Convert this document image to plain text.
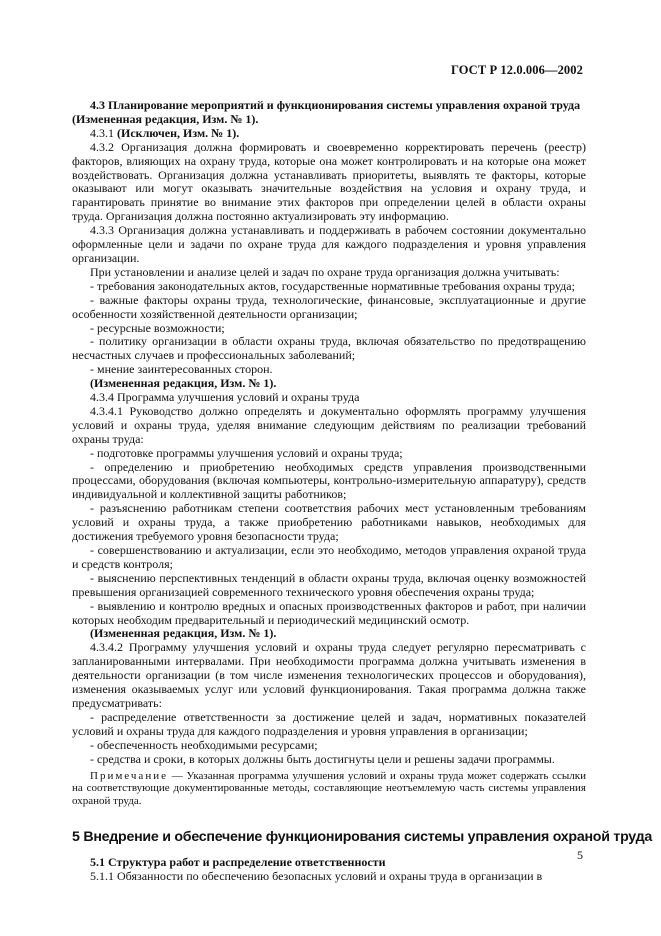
ГОСТ Р 12.0.006—2002

4.3 Планирование мероприятий и функционирования системы управления охраной труда

(Измененная редакция, Изм. № 1).

4.3.1 (Исключен, Изм. № 1).

4.3.2 Организация должна формировать и своевременно корректировать перечень (реестр) факторов, влияющих на охрану труда, которые она может контролировать и на которые она может воздействовать. Организация должна устанавливать приоритеты, выявлять те факторы, которые оказывают или могут оказывать значительные воздействия на условия и охрану труда, и гарантировать принятие во внимание этих факторов при определении целей в области охраны труда. Организация должна постоянно актуализировать эту информацию.

4.3.3 Организация должна устанавливать и поддерживать в рабочем состоянии документально оформленные цели и задачи по охране труда для каждого подразделения и уровня управления организации.

При установлении и анализе целей и задач по охране труда организация должна учитывать:

- требования законодательных актов, государственные нормативные требования охраны труда;

- важные факторы охраны труда, технологические, финансовые, эксплуатационные и другие особенности хозяйственной деятельности организации;

- ресурсные возможности;

- политику организации в области охраны труда, включая обязательство по предотвращению несчастных случаев и профессиональных заболеваний;

- мнение заинтересованных сторон.

(Измененная редакция, Изм. № 1).

4.3.4 Программа улучшения условий и охраны труда

4.3.4.1 Руководство должно определять и документально оформлять программу улучшения условий и охраны труда, уделяя внимание следующим действиям по реализации требований охраны труда:

- подготовке программы улучшения условий и охраны труда;

- определению и приобретению необходимых средств управления производственными процессами, оборудования (включая компьютеры, контрольно-измерительную аппаратуру), средств индивидуальной и коллективной защиты работников;

- разъяснению работникам степени соответствия рабочих мест установленным требованиям условий и охраны труда, а также приобретению работниками навыков, необходимых для достижения требуемого уровня безопасности труда;

- совершенствованию и актуализации, если это необходимо, методов управления охраной труда и средств контроля;

- выяснению перспективных тенденций в области охраны труда, включая оценку возможностей превышения организацией современного технического уровня обеспечения охраны труда;

- выявлению и контролю вредных и опасных производственных факторов и работ, при наличии которых необходим предварительный и периодический медицинский осмотр.

(Измененная редакция, Изм. № 1).

4.3.4.2 Программу улучшения условий и охраны труда следует регулярно пересматривать с запланированными интервалами. При необходимости программа должна учитывать изменения в деятельности организации (в том числе изменения технологических процессов и оборудования), изменения оказываемых услуг или условий функционирования. Такая программа должна также предусматривать:

- распределение ответственности за достижение целей и задач, нормативных показателей условий и охраны труда для каждого подразделения и уровня управления в организации;

- обеспеченность необходимыми ресурсами;

- средства и сроки, в которых должны быть достигнуты цели и решены задачи программы.

Примечание — Указанная программа улучшения условий и охраны труда может содержать ссылки на соответствующие документированные методы, составляющие неотъемлемую часть системы управления охраной труда.

5 Внедрение и обеспечение функционирования системы управления охраной труда

5.1 Структура работ и распределение ответственности

5.1.1 Обязанности по обеспечению безопасных условий и охраны труда в организации в

5
